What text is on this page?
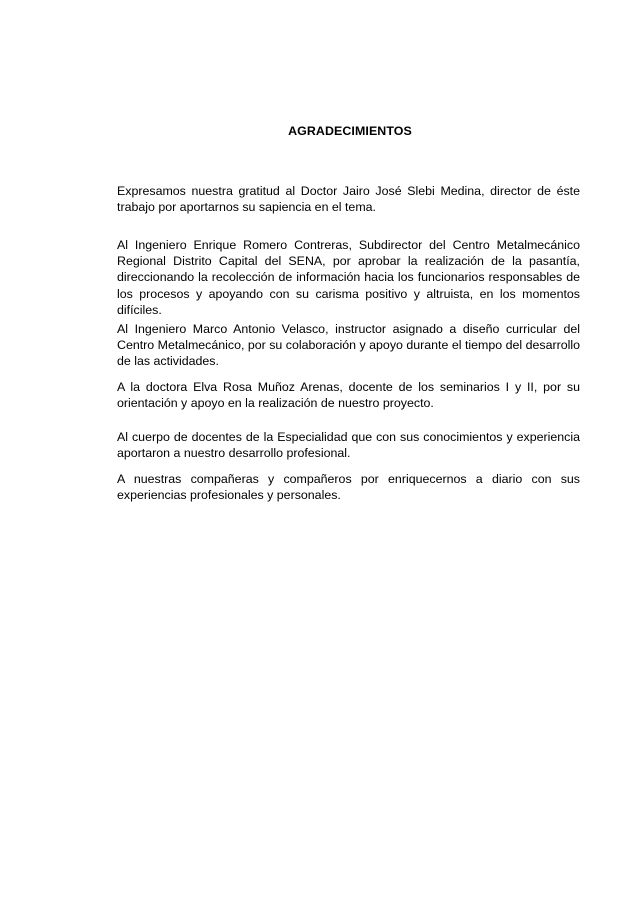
AGRADECIMIENTOS

Expresamos nuestra gratitud al Doctor Jairo José Slebi Medina, director de éste trabajo por aportarnos su sapiencia en el tema.

Al Ingeniero Enrique Romero Contreras, Subdirector del Centro Metalmecánico Regional Distrito Capital del SENA, por aprobar la realización de la pasantía, direccionando la recolección de información hacia los funcionarios responsables de los procesos y apoyando con su carisma positivo y altruista, en los momentos difíciles.

Al Ingeniero Marco Antonio Velasco, instructor asignado a diseño curricular del Centro Metalmecánico, por su colaboración y apoyo durante el tiempo del desarrollo de las actividades.

A la doctora Elva Rosa Muñoz Arenas, docente de los seminarios I y II, por su orientación y apoyo en la realización de nuestro proyecto.

Al cuerpo de docentes de la Especialidad que con sus conocimientos y experiencia aportaron a nuestro desarrollo profesional.

A nuestras compañeras y compañeros por enriquecernos a diario con sus experiencias profesionales y personales.
